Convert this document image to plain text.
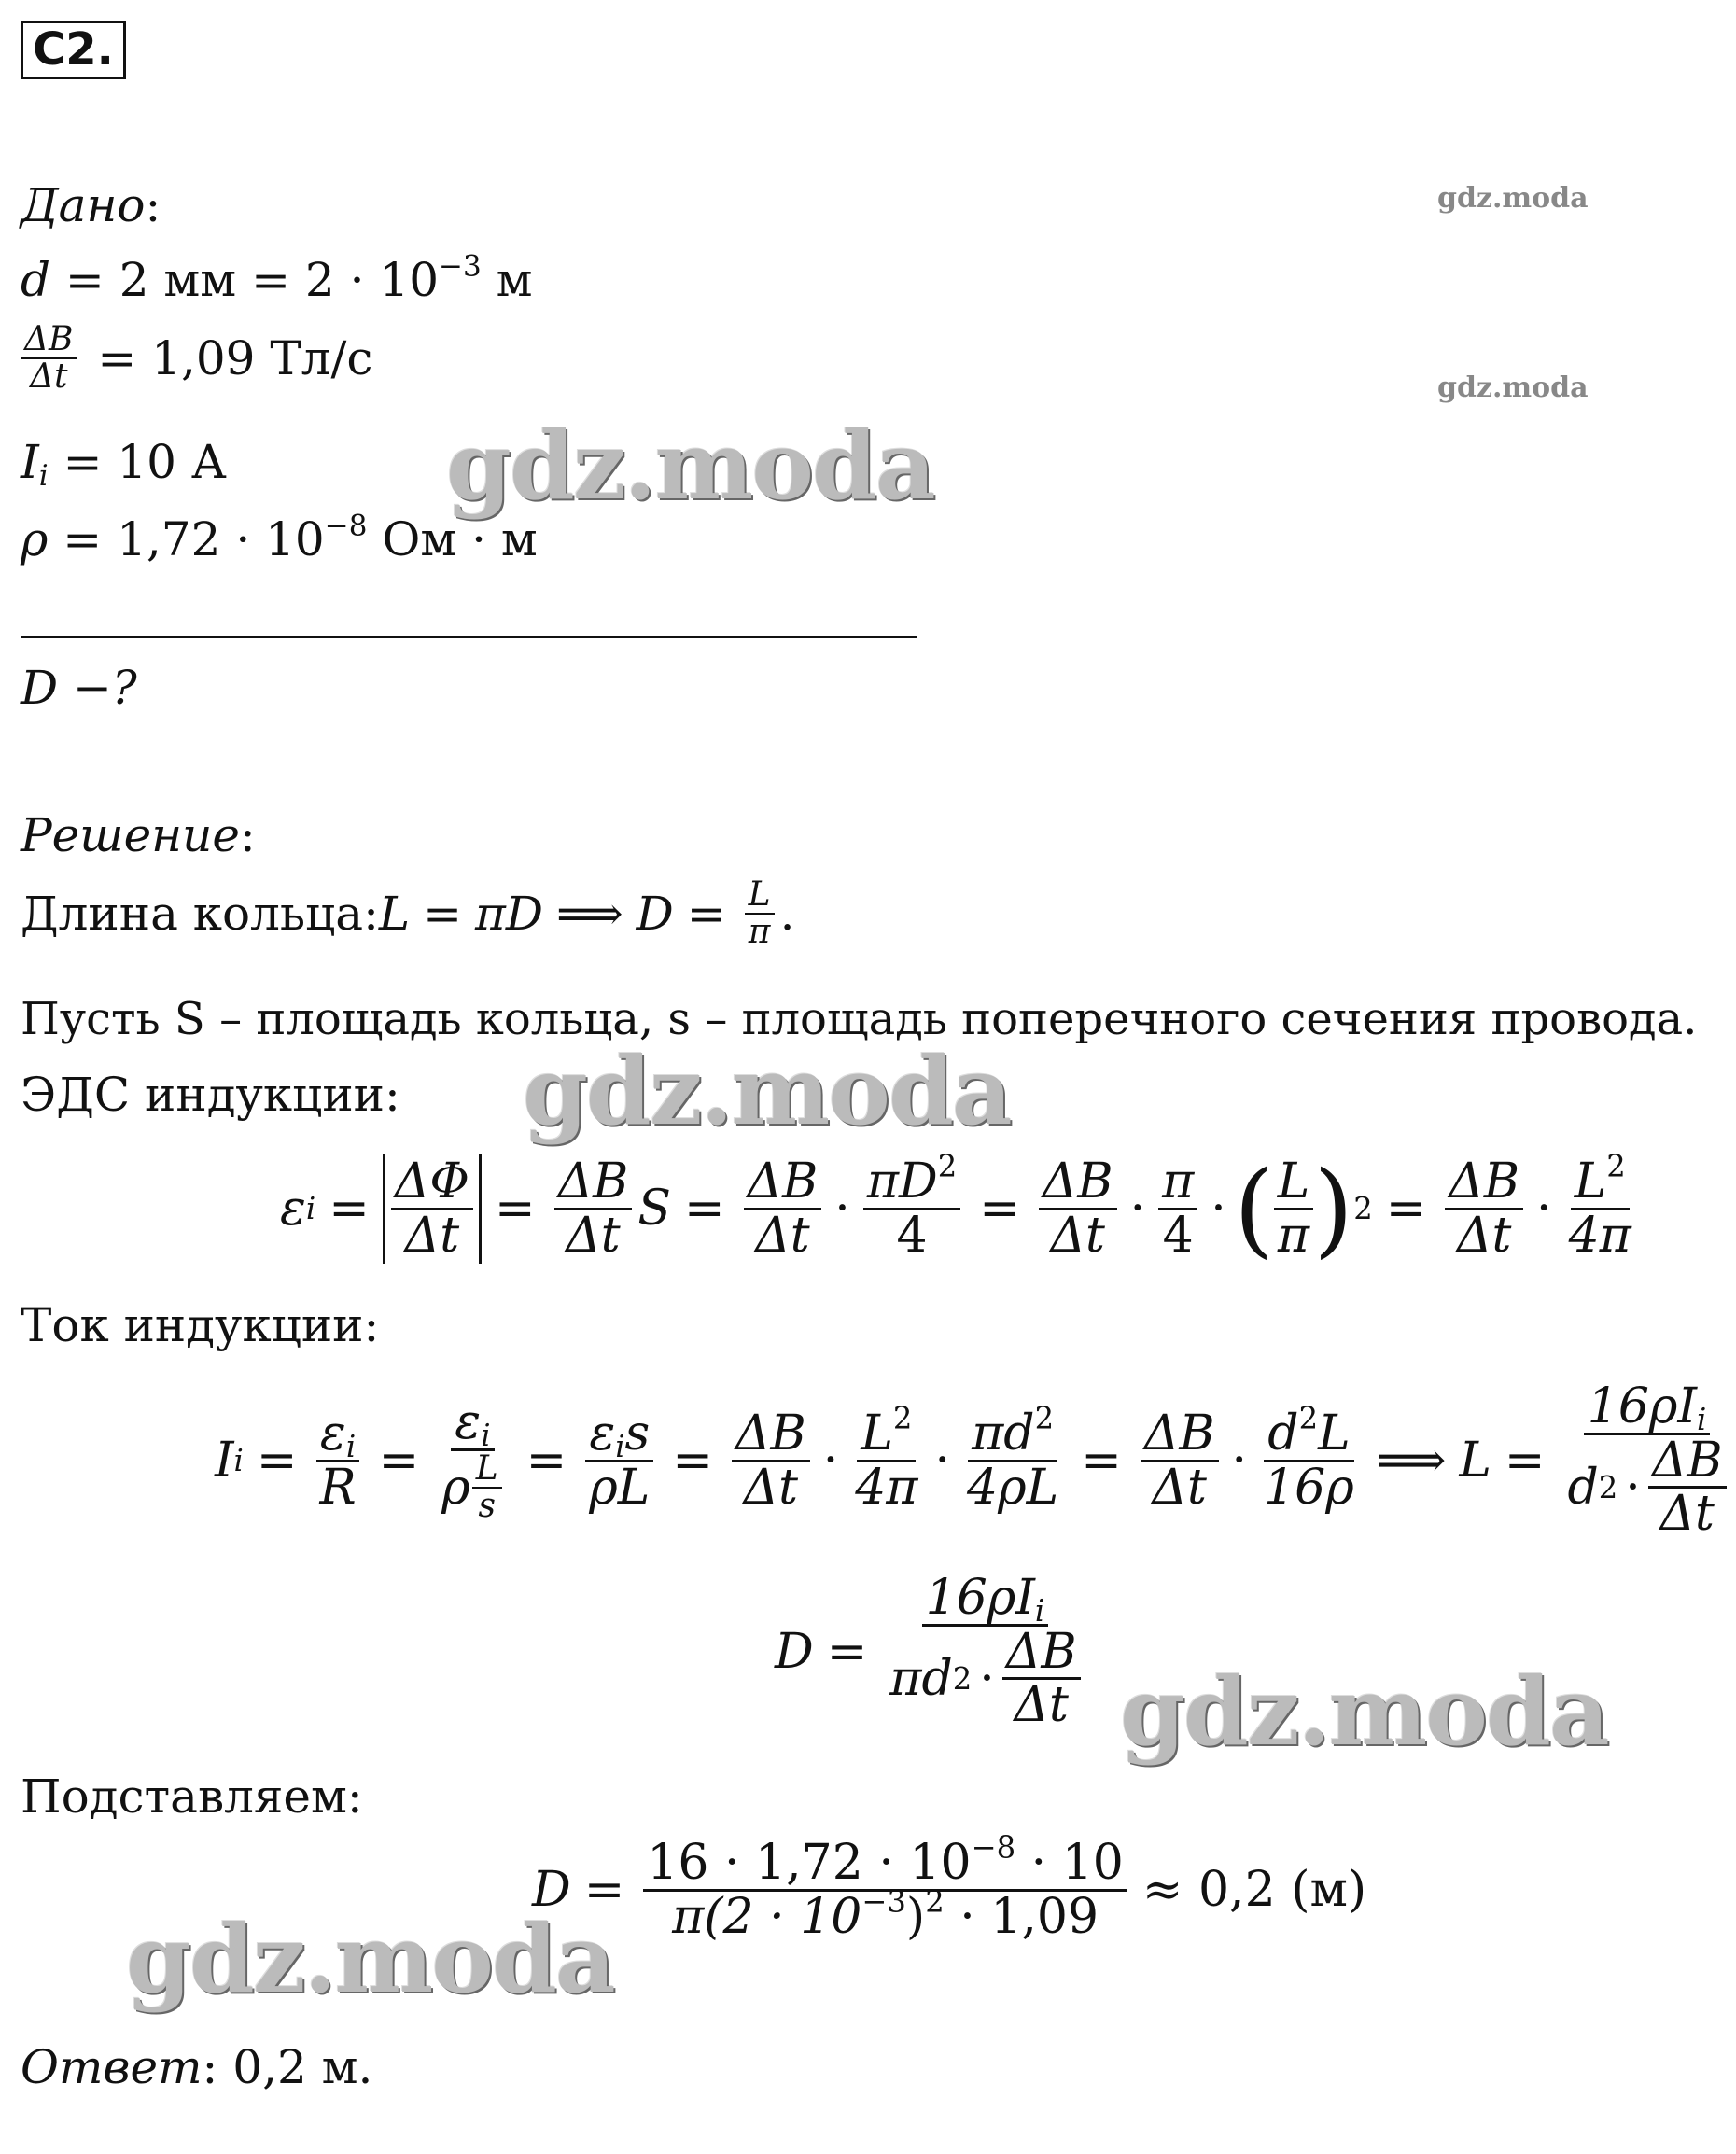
С2.
Дано:
d = 2 мм = $2 \cdot 10^{-3}$ м
$\frac{\Delta B}{\Delta t} = 1,09$ Тл/с
$I_i = 10$ А
$\rho = 1,72 \cdot 10^{-8}$ Ом · м
D −?
Решение:
Длина кольца: L = πD ⟹ $D = \frac{L}{\pi}$ .
Пусть S – площадь кольца, s – площадь поперечного сечения провода.
ЭДС индукции:
ε $i = \frac{\Delta\Phi}{\Delta t} = \frac{\Delta B}{\Delta t}$ $S = \frac{\Delta B}{\Delta t} \cdot \frac{\pi D^2}{4} = \frac{\Delta B}{\Delta t} \cdot \frac{\pi}{4}$ · ( $\frac{L}{\pi}$ ) $2 = \frac{\Delta B}{\Delta t} \cdot \frac{L^2}{4\pi}$
Ток индукции:
I $i = \frac{\varepsilon_i}{R} = \frac{\varepsilon_i}{\rho \frac{L}{s}} = \frac{\varepsilon_is}{\rho L} = \frac{\Delta B}{\Delta t} \cdot \frac{L^2}{4\pi} \cdot \frac{\pi d^2}{4\rho L} = \frac{\Delta B}{\Delta t} \cdot \frac{d^2L}{16\rho}$ ⟹ $L = \frac{16\rho I_i}{d 2 \cdot \frac{\Delta B}{\Delta t}}$
$D = \frac{16\rho I_i}{\pi d 2 \cdot \frac{\Delta B}{\Delta t}}$
Подставляем:
$D = \frac{16 \cdot 1,72 \cdot 10^{-8} \cdot 10}{\pi(2 \cdot 10^{-3})^2 \cdot 1,09} \approx 0,2$ (м)
Ответ: 0,2 м.
gdz.moda
gdz.moda
gdz.moda
gdz.moda
gdz.moda
gdz.moda
